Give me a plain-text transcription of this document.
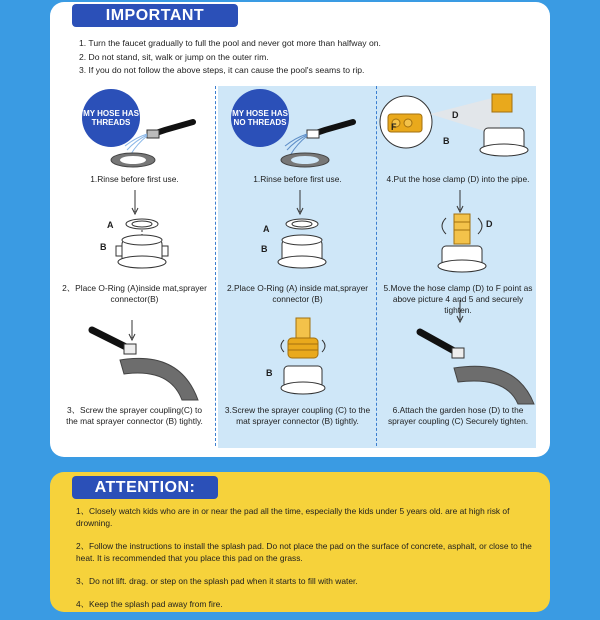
IMPORTANT
1. Turn the faucet gradually to full the pool and never got more than halfway on.
2. Do not stand, sit, walk or jump on the outer rim.
3. If you do not follow the above steps, it can cause the pool's seams to rip.
MY HOSE HAS THREADS
MY HOSE HAS NO THREADS
A
B
A
B
B
F
D
B
D
1.Rinse before first use.
2、Place O-Ring (A)inside mat,sprayer connector(B)
3、Screw the sprayer coupling(C) to the mat sprayer connector (B) tightly.
1.Rinse before first use.
2.Place O-Ring (A) inside mat,sprayer connector (B)
3.Screw the sprayer coupling (C) to the mat sprayer connector (B) tightly.
4.Put the hose clamp (D) into the pipe.
5.Move the hose clamp (D) to F point as above picture 4 and 5 and securely tighten.
6.Attach the garden hose (D) to the sprayer coupling (C) Securely tighten.
ATTENTION:

1、Closely watch kids who are in or near the pad all the time, especially the kids under 5 years old. are at high risk of drowning.

2、Follow the instructions to install the splash pad. Do not place the pad on the surface of concrete, asphalt, or close to the heat. It is recommended that you place this pad on the grass.

3、Do not lift. drag. or step on the splash pad when it starts to fill with water.

4、Keep the splash pad away from fire.
